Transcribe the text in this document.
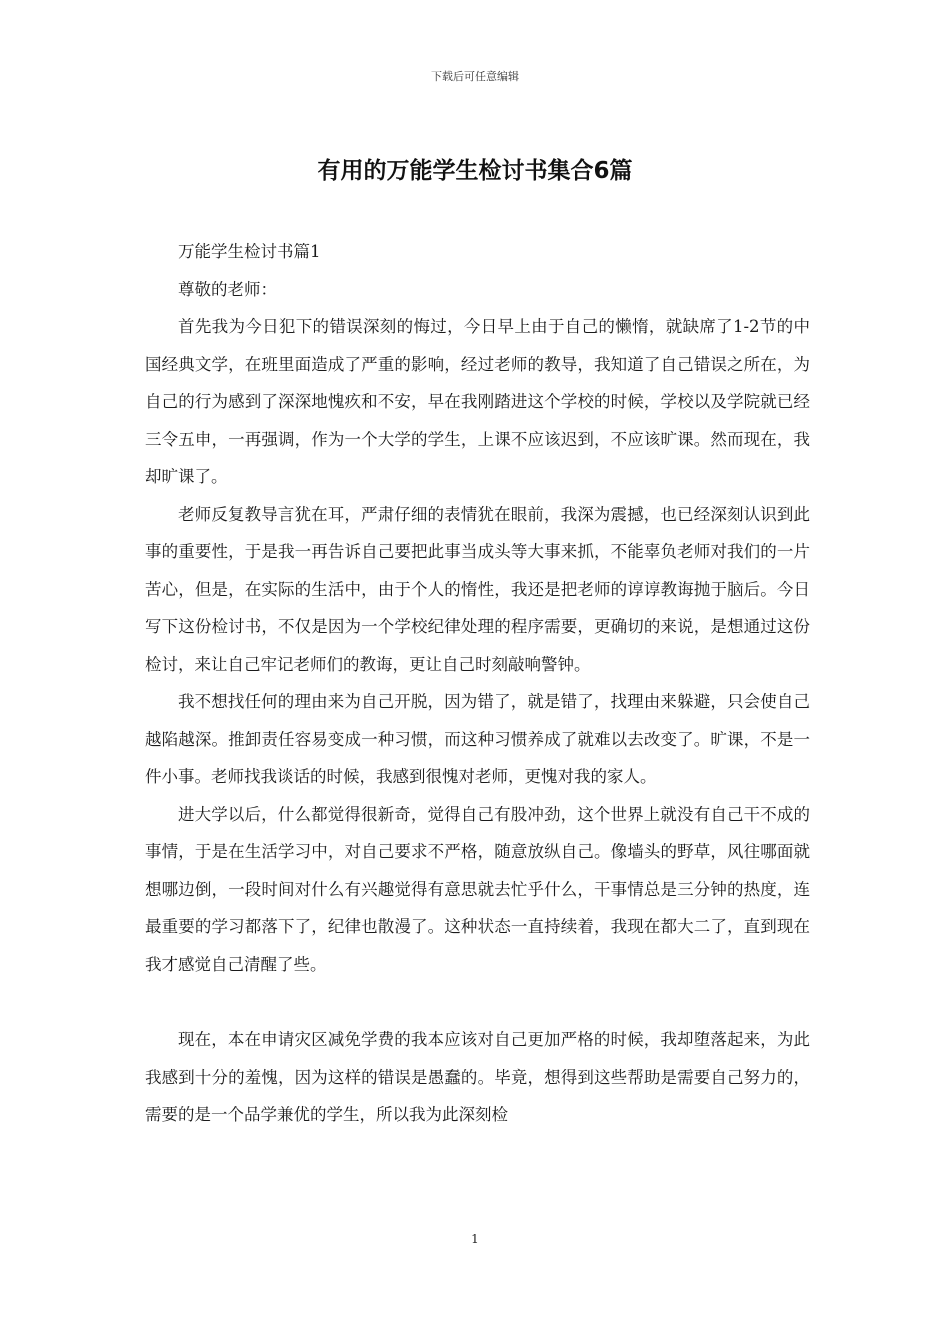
下载后可任意编辑
有用的万能学生检讨书集合6篇

万能学生检讨书篇1

尊敬的老师：

首先我为今日犯下的错误深刻的悔过，今日早上由于自己的懒惰，就缺席了1-2节的中国经典文学，在班里面造成了严重的影响，经过老师的教导，我知道了自己错误之所在，为自己的行为感到了深深地愧疚和不安，早在我刚踏进这个学校的时候，学校以及学院就已经三令五申，一再强调，作为一个大学的学生，上课不应该迟到，不应该旷课。然而现在，我却旷课了。

老师反复教导言犹在耳，严肃仔细的表情犹在眼前，我深为震撼，也已经深刻认识到此事的重要性，于是我一再告诉自己要把此事当成头等大事来抓，不能辜负老师对我们的一片苦心，但是，在实际的生活中，由于个人的惰性，我还是把老师的谆谆教诲抛于脑后。今日写下这份检讨书，不仅是因为一个学校纪律处理的程序需要，更确切的来说，是想通过这份检讨，来让自己牢记老师们的教诲，更让自己时刻敲响警钟。

我不想找任何的理由来为自己开脱，因为错了，就是错了，找理由来躲避，只会使自己越陷越深。推卸责任容易变成一种习惯，而这种习惯养成了就难以去改变了。旷课，不是一件小事。老师找我谈话的时候，我感到很愧对老师，更愧对我的家人。

进大学以后，什么都觉得很新奇，觉得自己有股冲劲，这个世界上就没有自己干不成的事情，于是在生活学习中，对自己要求不严格，随意放纵自己。像墙头的野草，风往哪面就想哪边倒，一段时间对什么有兴趣觉得有意思就去忙乎什么，干事情总是三分钟的热度，连最重要的学习都落下了，纪律也散漫了。这种状态一直持续着，我现在都大二了，直到现在我才感觉自己清醒了些。

现在，本在申请灾区减免学费的我本应该对自己更加严格的时候，我却堕落起来，为此我感到十分的羞愧，因为这样的错误是愚蠢的。毕竟，想得到这些帮助是需要自己努力的，需要的是一个品学兼优的学生，所以我为此深刻检

1
